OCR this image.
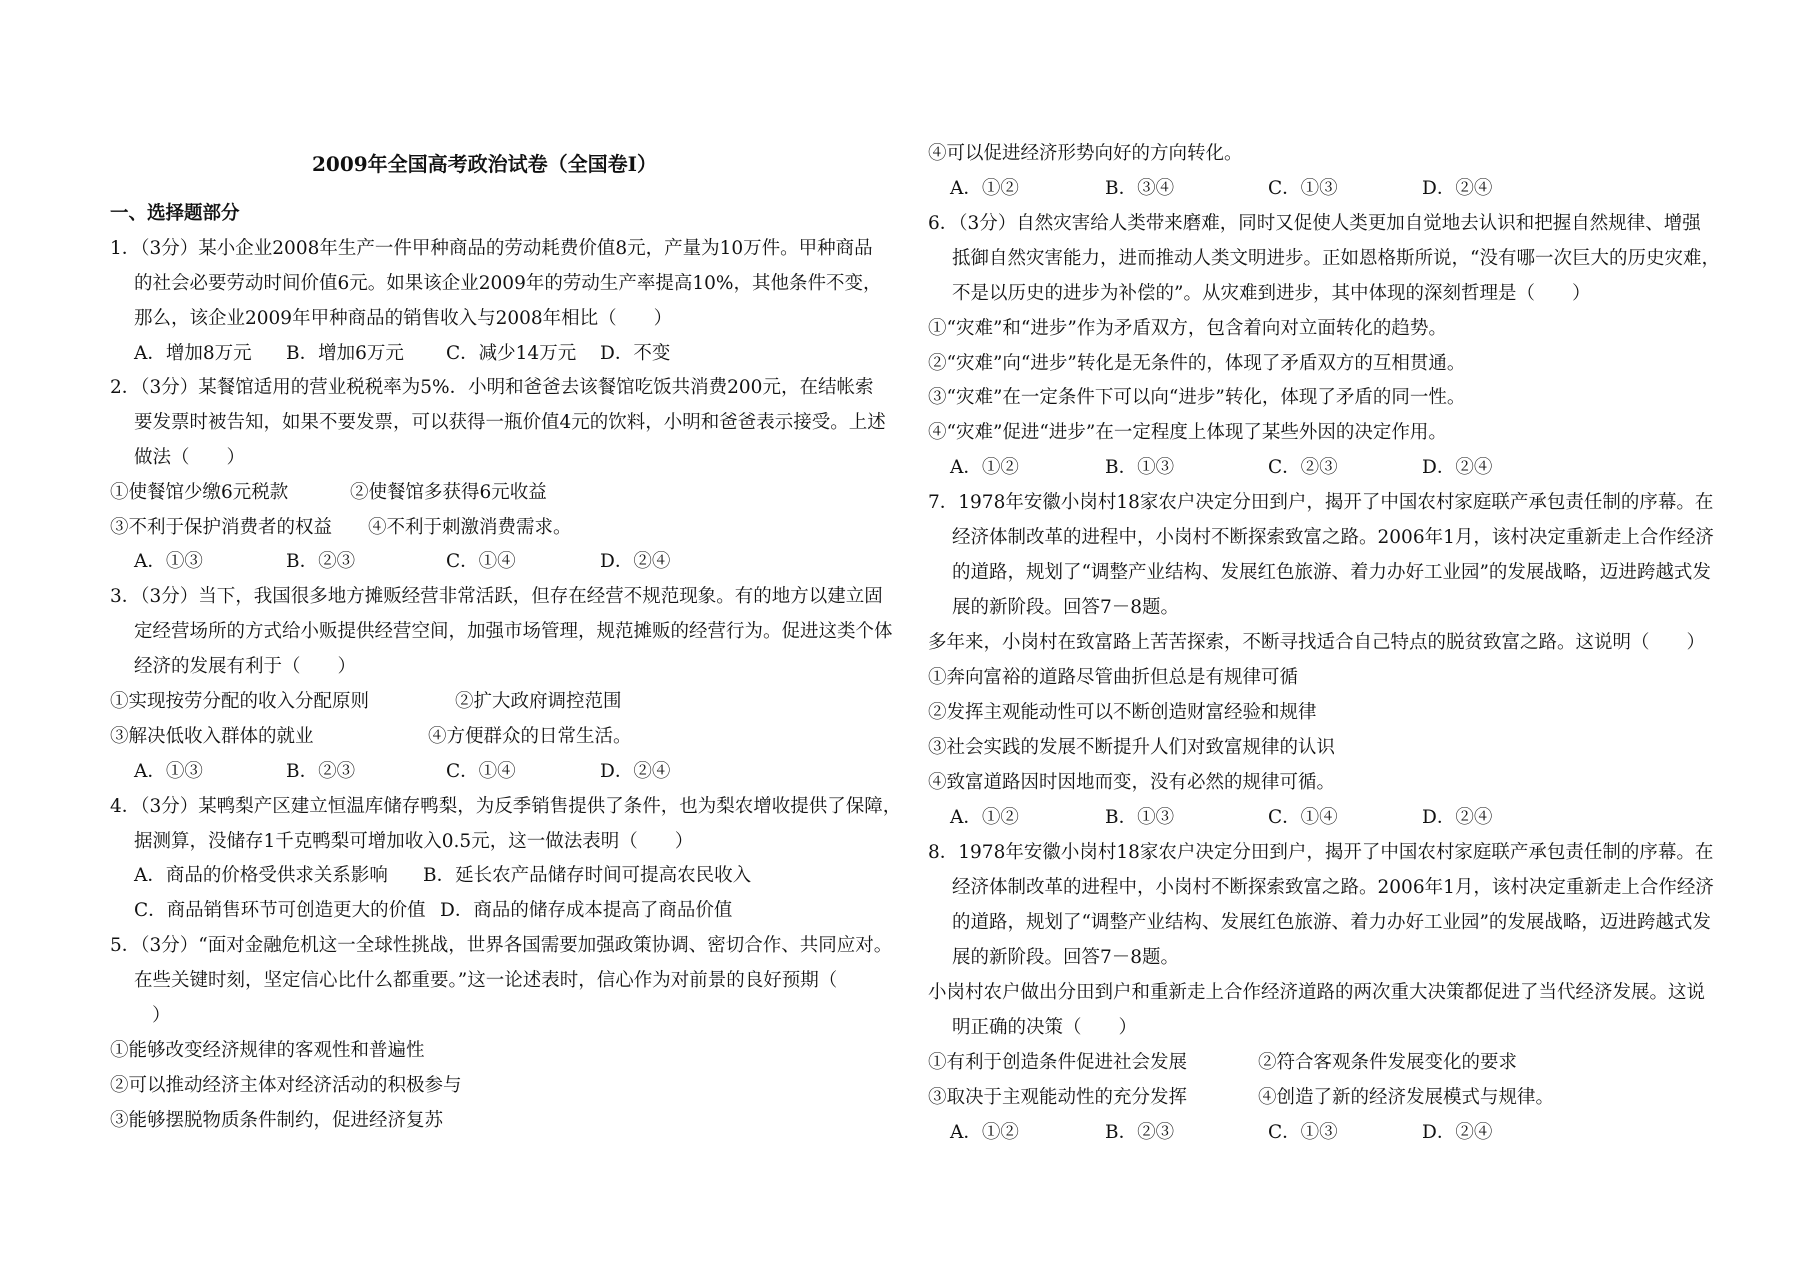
2009年全国高考政治试卷（全国卷I）
一、选择题部分
1．（3分）某小企业2008年生产一件甲种商品的劳动耗费价值8元，产量为10万件。甲种商品
的社会必要劳动时间价值6元。如果该企业2009年的劳动生产率提高10%，其他条件不变，
那么，该企业2009年甲种商品的销售收入与2008年相比（　　）
A．增加8万元 B．增加6万元 C．减少14万元 D．不变
2．（3分）某餐馆适用的营业税税率为5%．小明和爸爸去该餐馆吃饭共消费200元，在结帐索
要发票时被告知，如果不要发票，可以获得一瓶价值4元的饮料，小明和爸爸表示接受。上述
做法（　　）
①使餐馆少缴6元税款	②使餐馆多获得6元收益
③不利于保护消费者的权益 ④不利于刺激消费需求。
A．①③	B．②③	C．①④	D．②④
3．（3分）当下，我国很多地方摊贩经营非常活跃，但存在经营不规范现象。有的地方以建立固
定经营场所的方式给小贩提供经营空间，加强市场管理，规范摊贩的经营行为。促进这类个体
经济的发展有利于（　　）
①实现按劳分配的收入分配原则	②扩大政府调控范围
③解决低收入群体的就业	④方便群众的日常生活。
A．①③	B．②③	C．①④	D．②④
4．（3分）某鸭梨产区建立恒温库储存鸭梨，为反季销售提供了条件，也为梨农增收提供了保障，
据测算，没储存1千克鸭梨可增加收入0.5元，这一做法表明（　　）
A．商品的价格受供求关系影响 B．延长农产品储存时间可提高农民收入
C．商品销售环节可创造更大的价值 D．商品的储存成本提高了商品价值
5．（3分）“面对金融危机这一全球性挑战，世界各国需要加强政策协调、密切合作、共同应对。
在些关键时刻，坚定信心比什么都重要。”这一论述表时，信心作为对前景的良好预期（
）
①能够改变经济规律的客观性和普遍性
②可以推动经济主体对经济活动的积极参与
③能够摆脱物质条件制约，促进经济复苏
④可以促进经济形势向好的方向转化。
A．①②	B．③④	C．①③	D．②④
6．（3分）自然灾害给人类带来磨难，同时又促使人类更加自觉地去认识和把握自然规律、增强
抵御自然灾害能力，进而推动人类文明进步。正如恩格斯所说，“没有哪一次巨大的历史灾难，
不是以历史的进步为补偿的”。从灾难到进步，其中体现的深刻哲理是（　　）
①“灾难”和“进步”作为矛盾双方，包含着向对立面转化的趋势。
②“灾难”向“进步”转化是无条件的，体现了矛盾双方的互相贯通。
③“灾难”在一定条件下可以向“进步”转化，体现了矛盾的同一性。
④“灾难”促进“进步”在一定程度上体现了某些外因的决定作用。
A．①②	B．①③	C．②③	D．②④
7．1978年安徽小岗村18家农户决定分田到户，揭开了中国农村家庭联产承包责任制的序幕。在
经济体制改革的进程中，小岗村不断探索致富之路。2006年1月，该村决定重新走上合作经济
的道路，规划了“调整产业结构、发展红色旅游、着力办好工业园”的发展战略，迈进跨越式发
展的新阶段。回答7－8题。
多年来，小岗村在致富路上苦苦探索，不断寻找适合自己特点的脱贫致富之路。这说明（　　）
①奔向富裕的道路尽管曲折但总是有规律可循
②发挥主观能动性可以不断创造财富经验和规律
③社会实践的发展不断提升人们对致富规律的认识
④致富道路因时因地而变，没有必然的规律可循。
A．①②	B．①③	C．①④	D．②④
8．1978年安徽小岗村18家农户决定分田到户，揭开了中国农村家庭联产承包责任制的序幕。在
经济体制改革的进程中，小岗村不断探索致富之路。2006年1月，该村决定重新走上合作经济
的道路，规划了“调整产业结构、发展红色旅游、着力办好工业园”的发展战略，迈进跨越式发
展的新阶段。回答7－8题。
小岗村农户做出分田到户和重新走上合作经济道路的两次重大决策都促进了当代经济发展。这说
明正确的决策（　　）
①有利于创造条件促进社会发展	②符合客观条件发展变化的要求
③取决于主观能动性的充分发挥	④创造了新的经济发展模式与规律。
A．①②	B．②③	C．①③	D．②④
